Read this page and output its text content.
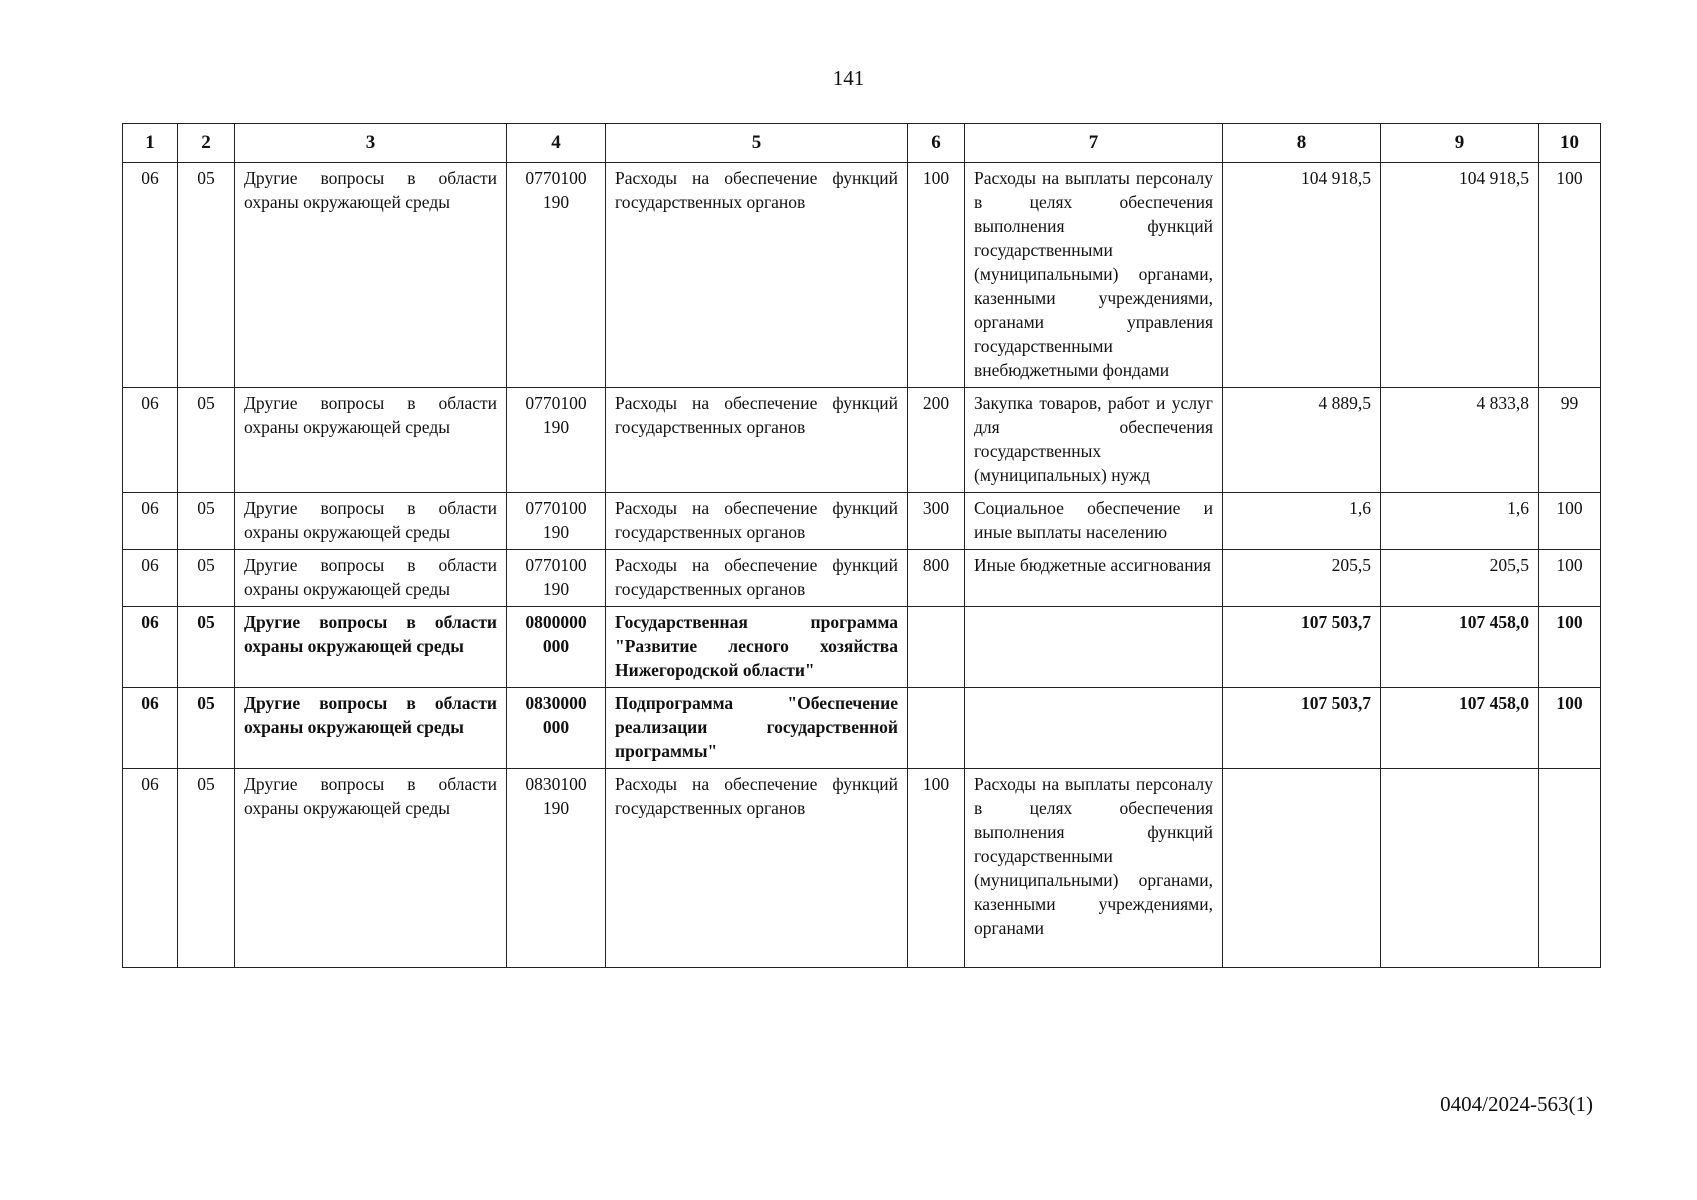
141
1	2	3	4	5	6	7	8	9	10
06	05	Другие вопросы в области охраны окружающей среды	0770100 190	Расходы на обеспечение функций государственных органов	100	Расходы на выплаты персоналу в целях обеспечения выполнения функций государственными (муниципальными) органами, казенными учреждениями, органами управления государственными внебюджетными фондами	104 918,5	104 918,5	100
06	05	Другие вопросы в области охраны окружающей среды	0770100 190	Расходы на обеспечение функций государственных органов	200	Закупка товаров, работ и услуг для обеспечения государственных (муниципальных) нужд	4 889,5	4 833,8	99
06	05	Другие вопросы в области охраны окружающей среды	0770100 190	Расходы на обеспечение функций государственных органов	300	Социальное обеспечение и иные выплаты населению	1,6	1,6	100
06	05	Другие вопросы в области охраны окружающей среды	0770100 190	Расходы на обеспечение функций государственных органов	800	Иные бюджетные ассигнования	205,5	205,5	100
06	05	Другие вопросы в области охраны окружающей среды	0800000 000	Государственная программа "Развитие лесного хозяйства Нижегородской области"			107 503,7	107 458,0	100
06	05	Другие вопросы в области охраны окружающей среды	0830000 000	Подпрограмма "Обеспечение реализации государственной программы"			107 503,7	107 458,0	100
06	05	Другие вопросы в области охраны окружающей среды	0830100 190	Расходы на обеспечение функций государственных органов	100	Расходы на выплаты персоналу в целях обеспечения выполнения функций государственными (муниципальными) органами, казенными учреждениями, органами			

0404/2024-563(1)
